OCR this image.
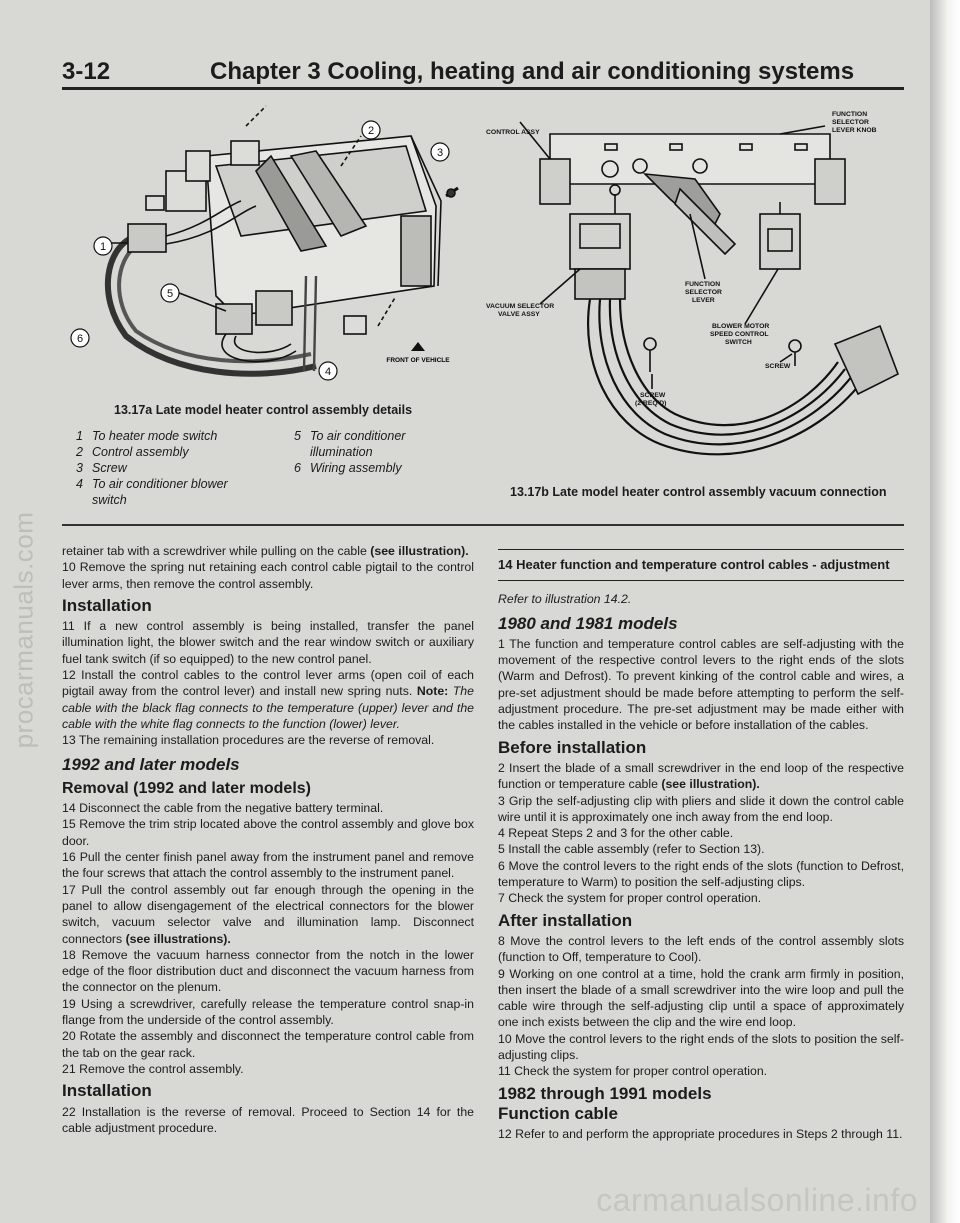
procarmanuals.com
3-12	Chapter 3 Cooling, heating and air conditioning systems
2
3
1
4
5
6
FRONT OF VEHICLE
13.17a Late model heater control assembly details
1 To heater mode switch
2 Control assembly
3 Screw
4 To air conditioner blower switch
5 To air conditioner illumination
6 Wiring assembly
CONTROL ASSY
FUNCTION
SELECTOR
LEVER KNOB
FUNCTION
SELECTOR
LEVER
VACUUM SELECTOR
VALVE ASSY
BLOWER MOTOR
SPEED CONTROL
SWITCH
SCREW
(2 REQ'D)
SCREW
13.17b Late model heater control assembly vacuum connection

retainer tab with a screwdriver while pulling on the cable (see illustration).

10 Remove the spring nut retaining each control cable pigtail to the control lever arms, then remove the control assembly.

Installation

11 If a new control assembly is being installed, transfer the panel illumination light, the blower switch and the rear window switch or auxiliary fuel tank switch (if so equipped) to the new control panel.

12 Install the control cables to the control lever arms (open coil of each pigtail away from the control lever) and install new spring nuts. Note: The cable with the black flag connects to the temperature (upper) lever and the cable with the white flag connects to the function (lower) lever.

13 The remaining installation procedures are the reverse of removal.

1992 and later models
Removal (1992 and later models)

14 Disconnect the cable from the negative battery terminal.

15 Remove the trim strip located above the control assembly and glove box door.

16 Pull the center finish panel away from the instrument panel and remove the four screws that attach the control assembly to the instrument panel.

17 Pull the control assembly out far enough through the opening in the panel to allow disengagement of the electrical connectors for the blower switch, vacuum selector valve and illumination lamp. Disconnect connectors (see illustrations).

18 Remove the vacuum harness connector from the notch in the lower edge of the floor distribution duct and disconnect the vacuum harness from the connector on the plenum.

19 Using a screwdriver, carefully release the temperature control snap-in flange from the underside of the control assembly.

20 Rotate the assembly and disconnect the temperature control cable from the tab on the gear rack.

21 Remove the control assembly.

Installation

22 Installation is the reverse of removal. Proceed to Section 14 for the cable adjustment procedure.

14 Heater function and temperature control cables - adjustment

Refer to illustration 14.2.

1980 and 1981 models

1 The function and temperature control cables are self-adjusting with the movement of the respective control levers to the right ends of the slots (Warm and Defrost). To prevent kinking of the control cable and wires, a pre-set adjustment should be made before attempting to perform the self-adjustment procedure. The pre-set adjustment may be made either with the cables installed in the vehicle or before installation of the cables.

Before installation

2 Insert the blade of a small screwdriver in the end loop of the respective function or temperature cable (see illustration).

3 Grip the self-adjusting clip with pliers and slide it down the control cable wire until it is approximately one inch away from the end loop.

4 Repeat Steps 2 and 3 for the other cable.

5 Install the cable assembly (refer to Section 13).

6 Move the control levers to the right ends of the slots (function to Defrost, temperature to Warm) to position the self-adjusting clips.

7 Check the system for proper control operation.

After installation

8 Move the control levers to the left ends of the control assembly slots (function to Off, temperature to Cool).

9 Working on one control at a time, hold the crank arm firmly in position, then insert the blade of a small screwdriver into the wire loop and pull the cable wire through the self-adjusting clip until a space of approximately one inch exists between the clip and the wire end loop.

10 Move the control levers to the right ends of the slots to position the self-adjusting clips.

11 Check the system for proper control operation.

1982 through 1991 models
Function cable

12 Refer to and perform the appropriate procedures in Steps 2 through 11.

carmanualsonline.info
